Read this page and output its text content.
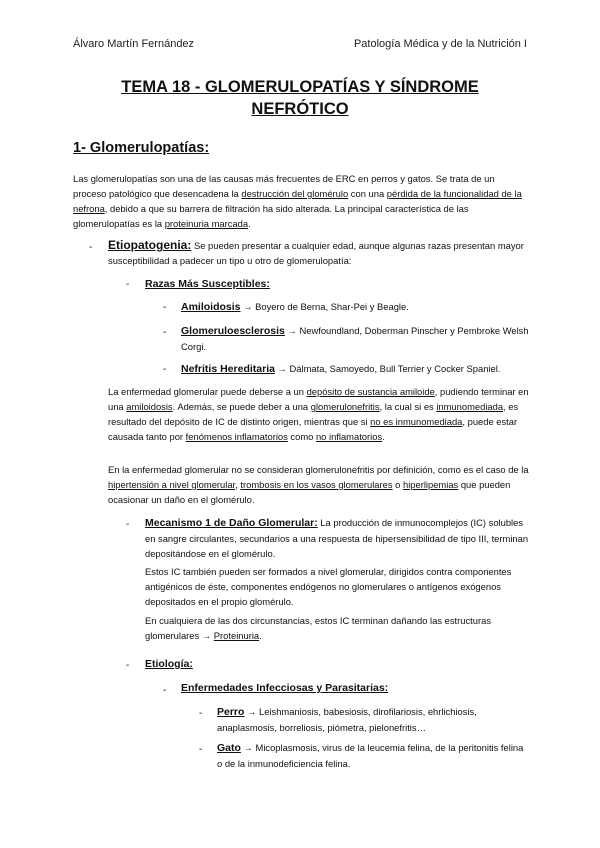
Álvaro Martín Fernández	Patología Médica y de la Nutrición I
TEMA 18 - GLOMERULOPATÍAS Y SÍNDROME
NEFRÓTICO
1- Glomerulopatías:
Las glomerulopatías son una de las causas más frecuentes de ERC en perros y gatos. Se trata de un proceso patológico que desencadena la destrucción del glomérulo con una pérdida de la funcionalidad de la nefrona, debido a que su barrera de filtración ha sido alterada. La principal característica de las glomerulopatías es la proteinuria marcada.
- Etiopatogenia: Se pueden presentar a cualquier edad, aunque algunas razas presentan mayor susceptibilidad a padecer un tipo u otro de glomerulopatía:
- Razas Más Susceptibles:
- Amiloidosis → Boyero de Berna, Shar-Pei y Beagle.
- Glomeruloesclerosis → Newfoundland, Doberman Pinscher y Pembroke Welsh Corgi.
- Nefritis Hereditaria → Dálmata, Samoyedo, Bull Terrier y Cocker Spaniel.
La enfermedad glomerular puede deberse a un depósito de sustancia amiloide, pudiendo terminar en una amiloidosis. Además, se puede deber a una glomerulonefritis, la cual si es inmunomediada, es resultado del depósito de IC de distinto origen, mientras que si no es inmunomediada, puede estar causada tanto por fenómenos inflamatorios como no inflamatorios.
En la enfermedad glomerular no se consideran glomerulonefritis por definición, como es el caso de la hipertensión a nivel glomerular, trombosis en los vasos glomerulares o hiperlipemias que pueden ocasionar un daño en el glomérulo.
- Mecanismo 1 de Daño Glomerular: La producción de inmunocomplejos (IC) solubles en sangre circulantes, secundarios a una respuesta de hipersensibilidad de tipo III, terminan depositándose en el glomérulo.
Estos IC también pueden ser formados a nivel glomerular, dirigidos contra componentes antigénicos de éste, componentes endógenos no glomerulares o antígenos exógenos depositados en el propio glomérulo.
En cualquiera de las dos circunstancias, estos IC terminan dañando las estructuras glomerulares → Proteinuria.
- Etiología:
- Enfermedades Infecciosas y Parasitarias:
- Perro → Leishmaniosis, babesiosis, dirofilariosis, ehrlichiosis, anaplasmosis, borreliosis, piómetra, pielonefritis…
- Gato → Micoplasmosis, virus de la leucemia felina, de la peritonitis felina o de la inmunodeficiencia felina.
